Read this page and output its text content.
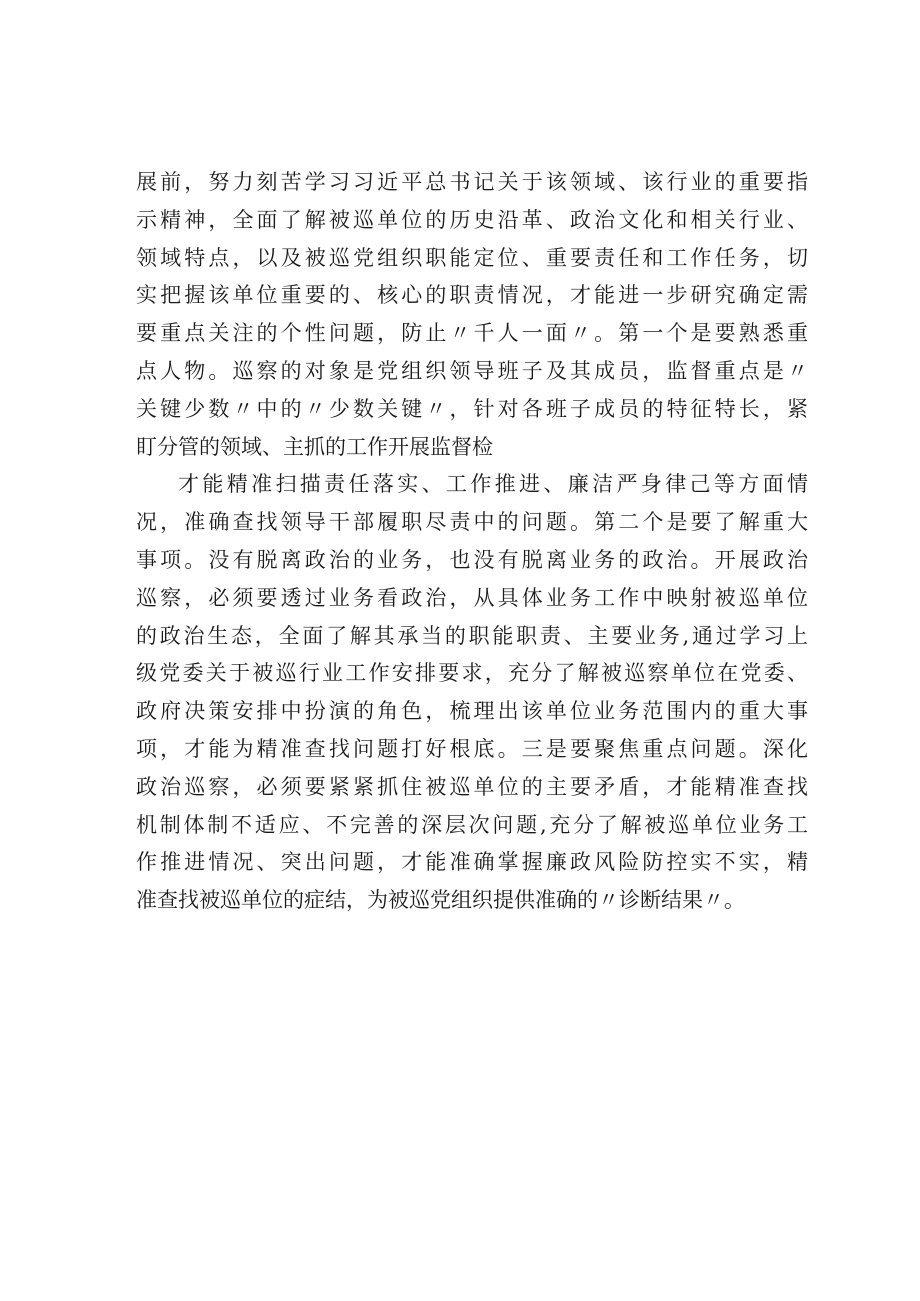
展前，努力刻苦学习习近平总书记关于该领域、该行业的重要指
示精神，全面了解被巡单位的历史沿革、政治文化和相关行业、
领域特点，以及被巡党组织职能定位、重要责任和工作任务，切
实把握该单位重要的、核心的职责情况，才能进一步研究确定需
要重点关注的个性问题，防止〃千人一面〃。第一个是要熟悉重
点人物。巡察的对象是党组织领导班子及其成员，监督重点是〃
关键少数〃中的〃少数关键〃，针对各班子成员的特征特长，紧
盯分管的领域、主抓的工作开展监督检
才能精准扫描责任落实、工作推进、廉洁严身律己等方面情
况，准确查找领导干部履职尽责中的问题。第二个是要了解重大
事项。没有脱离政治的业务，也没有脱离业务的政治。开展政治
巡察，必须要透过业务看政治，从具体业务工作中映射被巡单位
的政治生态，全面了解其承当的职能职责、主要业务,通过学习上
级党委关于被巡行业工作安排要求，充分了解被巡察单位在党委、
政府决策安排中扮演的角色，梳理出该单位业务范围内的重大事
项，才能为精准查找问题打好根底。三是要聚焦重点问题。深化
政治巡察，必须要紧紧抓住被巡单位的主要矛盾，才能精准查找
机制体制不适应、不完善的深层次问题,充分了解被巡单位业务工
作推进情况、突出问题，才能准确掌握廉政风险防控实不实，精
准查找被巡单位的症结，为被巡党组织提供准确的〃诊断结果〃。
